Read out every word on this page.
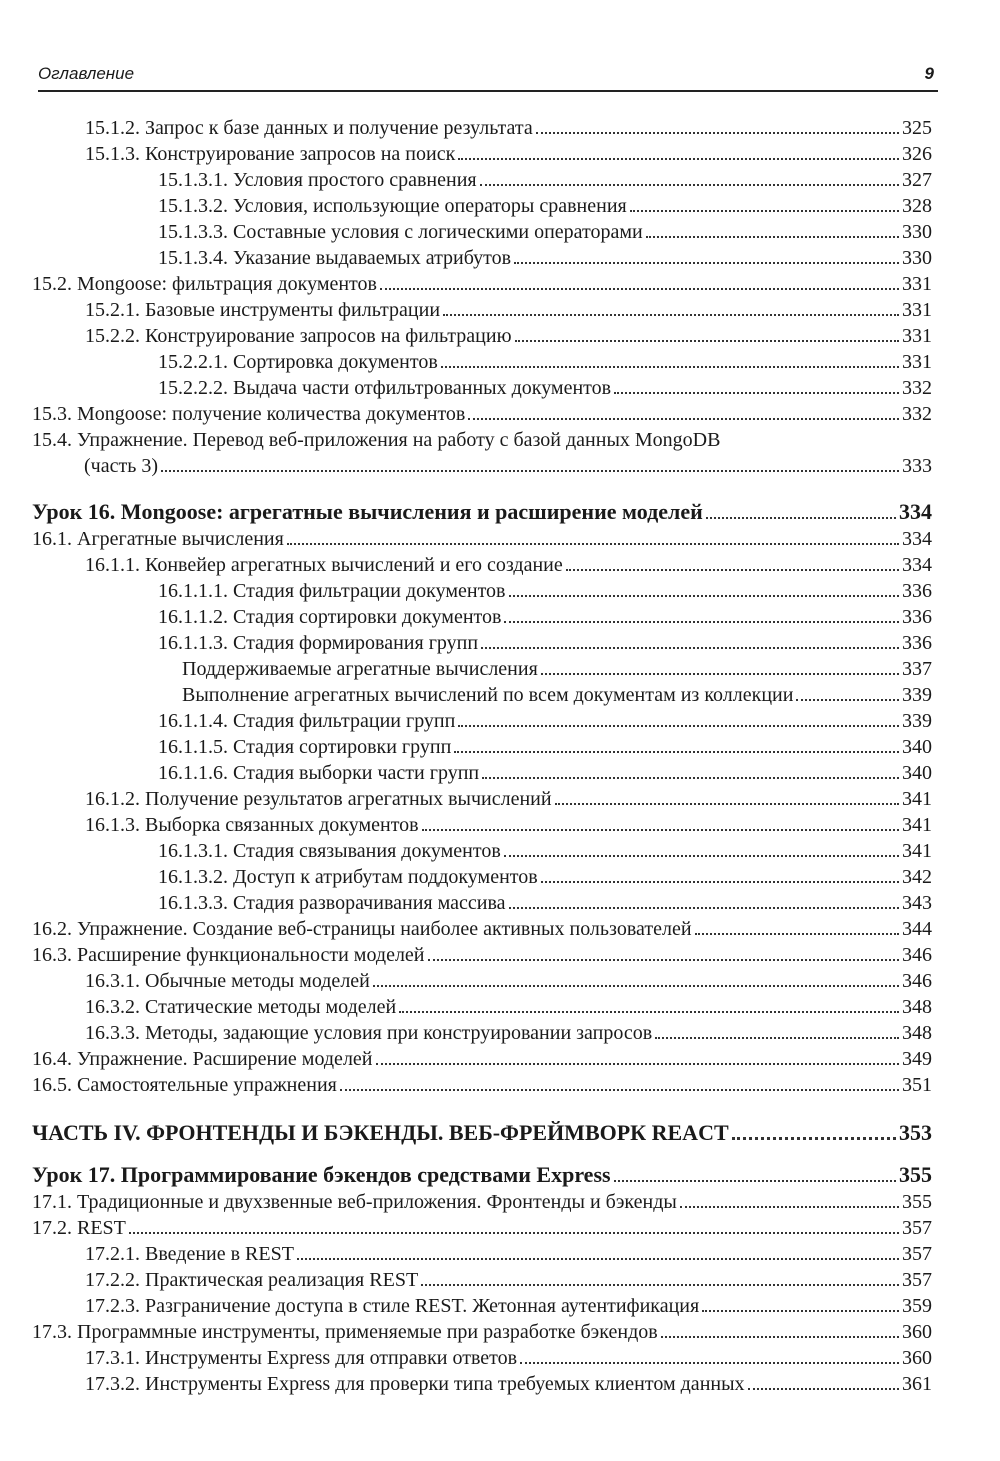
Оглавление	9
15.1.2. Запрос к базе данных и получение результата	325
15.1.3. Конструирование запросов на поиск	326
15.1.3.1. Условия простого сравнения	327
15.1.3.2. Условия, использующие операторы сравнения	328
15.1.3.3. Составные условия с логическими операторами	330
15.1.3.4. Указание выдаваемых атрибутов	330
15.2. Mongoose: фильтрация документов	331
15.2.1. Базовые инструменты фильтрации	331
15.2.2. Конструирование запросов на фильтрацию	331
15.2.2.1. Сортировка документов	331
15.2.2.2. Выдача части отфильтрованных документов	332
15.3. Mongoose: получение количества документов	332
15.4. Упражнение. Перевод веб-приложения на работу с базой данных MongoDB
(часть 3)	333
Урок 16. Mongoose: агрегатные вычисления и расширение моделей	334
16.1. Агрегатные вычисления	334
16.1.1. Конвейер агрегатных вычислений и его создание	334
16.1.1.1. Стадия фильтрации документов	336
16.1.1.2. Стадия сортировки документов	336
16.1.1.3. Стадия формирования групп	336
Поддерживаемые агрегатные вычисления	337
Выполнение агрегатных вычислений по всем документам из коллекции	339
16.1.1.4. Стадия фильтрации групп	339
16.1.1.5. Стадия сортировки групп	340
16.1.1.6. Стадия выборки части групп	340
16.1.2. Получение результатов агрегатных вычислений	341
16.1.3. Выборка связанных документов	341
16.1.3.1. Стадия связывания документов	341
16.1.3.2. Доступ к атрибутам поддокументов	342
16.1.3.3. Стадия разворачивания массива	343
16.2. Упражнение. Создание веб-страницы наиболее активных пользователей	344
16.3. Расширение функциональности моделей	346
16.3.1. Обычные методы моделей	346
16.3.2. Статические методы моделей	348
16.3.3. Методы, задающие условия при конструировании запросов	348
16.4. Упражнение. Расширение моделей	349
16.5. Самостоятельные упражнения	351
ЧАСТЬ IV. ФРОНТЕНДЫ И БЭКЕНДЫ. ВЕБ-ФРЕЙМВОРК REACT	353
Урок 17. Программирование бэкендов средствами Express	355
17.1. Традиционные и двухзвенные веб-приложения. Фронтенды и бэкенды	355
17.2. REST	357
17.2.1. Введение в REST	357
17.2.2. Практическая реализация REST	357
17.2.3. Разграничение доступа в стиле REST. Жетонная аутентификация	359
17.3. Программные инструменты, применяемые при разработке бэкендов	360
17.3.1. Инструменты Express для отправки ответов	360
17.3.2. Инструменты Express для проверки типа требуемых клиентом данных	361
